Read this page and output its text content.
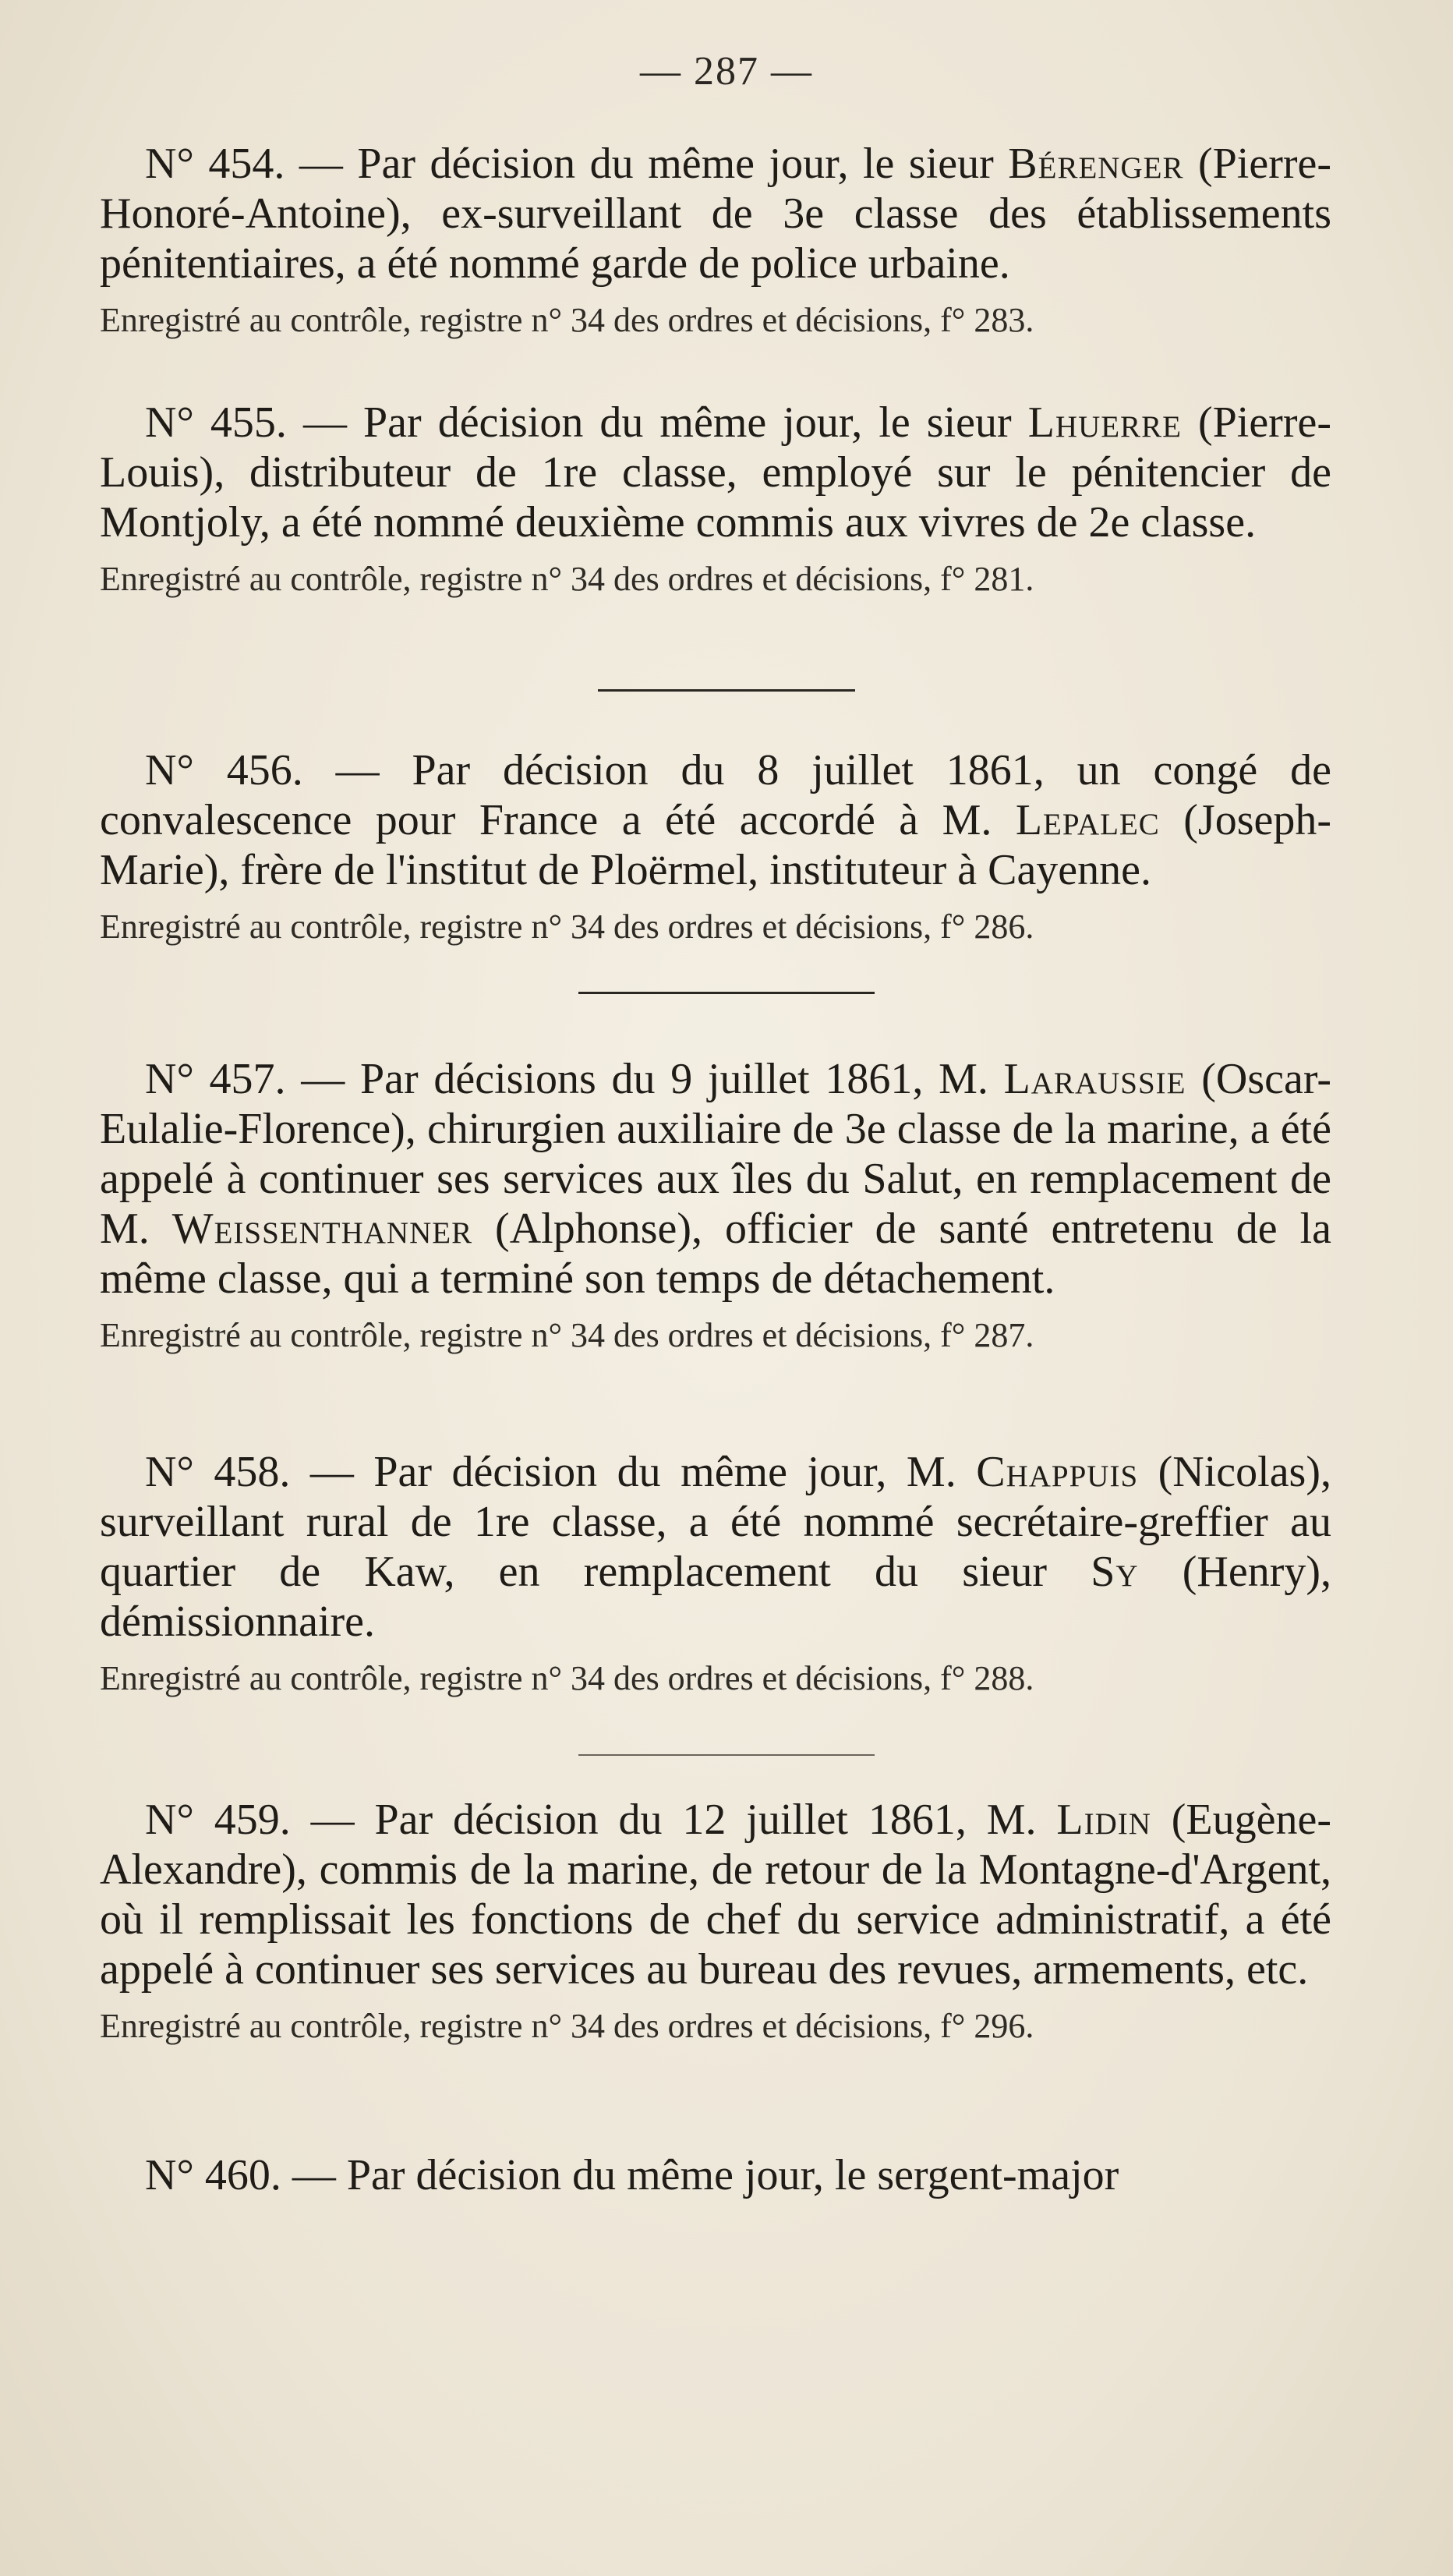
— 287 —

N° 454. — Par décision du même jour, le sieur Bérenger (Pierre-Honoré-Antoine), ex-surveillant de 3e classe des établissements pénitentiaires, a été nommé garde de police urbaine.

Enregistré au contrôle, registre n° 34 des ordres et décisions, f° 283.

N° 455. — Par décision du même jour, le sieur Lhuerre (Pierre-Louis), distributeur de 1re classe, employé sur le pénitencier de Montjoly, a été nommé deuxième commis aux vivres de 2e classe.

Enregistré au contrôle, registre n° 34 des ordres et décisions, f° 281.

N° 456. — Par décision du 8 juillet 1861, un congé de convalescence pour France a été accordé à M. Lepalec (Joseph-Marie), frère de l'institut de Ploërmel, instituteur à Cayenne.

Enregistré au contrôle, registre n° 34 des ordres et décisions, f° 286.

N° 457. — Par décisions du 9 juillet 1861, M. Laraussie (Oscar-Eulalie-Florence), chirurgien auxiliaire de 3e classe de la marine, a été appelé à continuer ses services aux îles du Salut, en remplacement de M. Weissenthanner (Alphonse), officier de santé entretenu de la même classe, qui a terminé son temps de détachement.

Enregistré au contrôle, registre n° 34 des ordres et décisions, f° 287.

N° 458. — Par décision du même jour, M. Chappuis (Nicolas), surveillant rural de 1re classe, a été nommé secrétaire-greffier au quartier de Kaw, en remplacement du sieur Sy (Henry), démissionnaire.

Enregistré au contrôle, registre n° 34 des ordres et décisions, f° 288.

N° 459. — Par décision du 12 juillet 1861, M. Lidin (Eugène-Alexandre), commis de la marine, de retour de la Montagne-d'Argent, où il remplissait les fonctions de chef du service administratif, a été appelé à continuer ses services au bureau des revues, armements, etc.

Enregistré au contrôle, registre n° 34 des ordres et décisions, f° 296.

N° 460. — Par décision du même jour, le sergent-major
